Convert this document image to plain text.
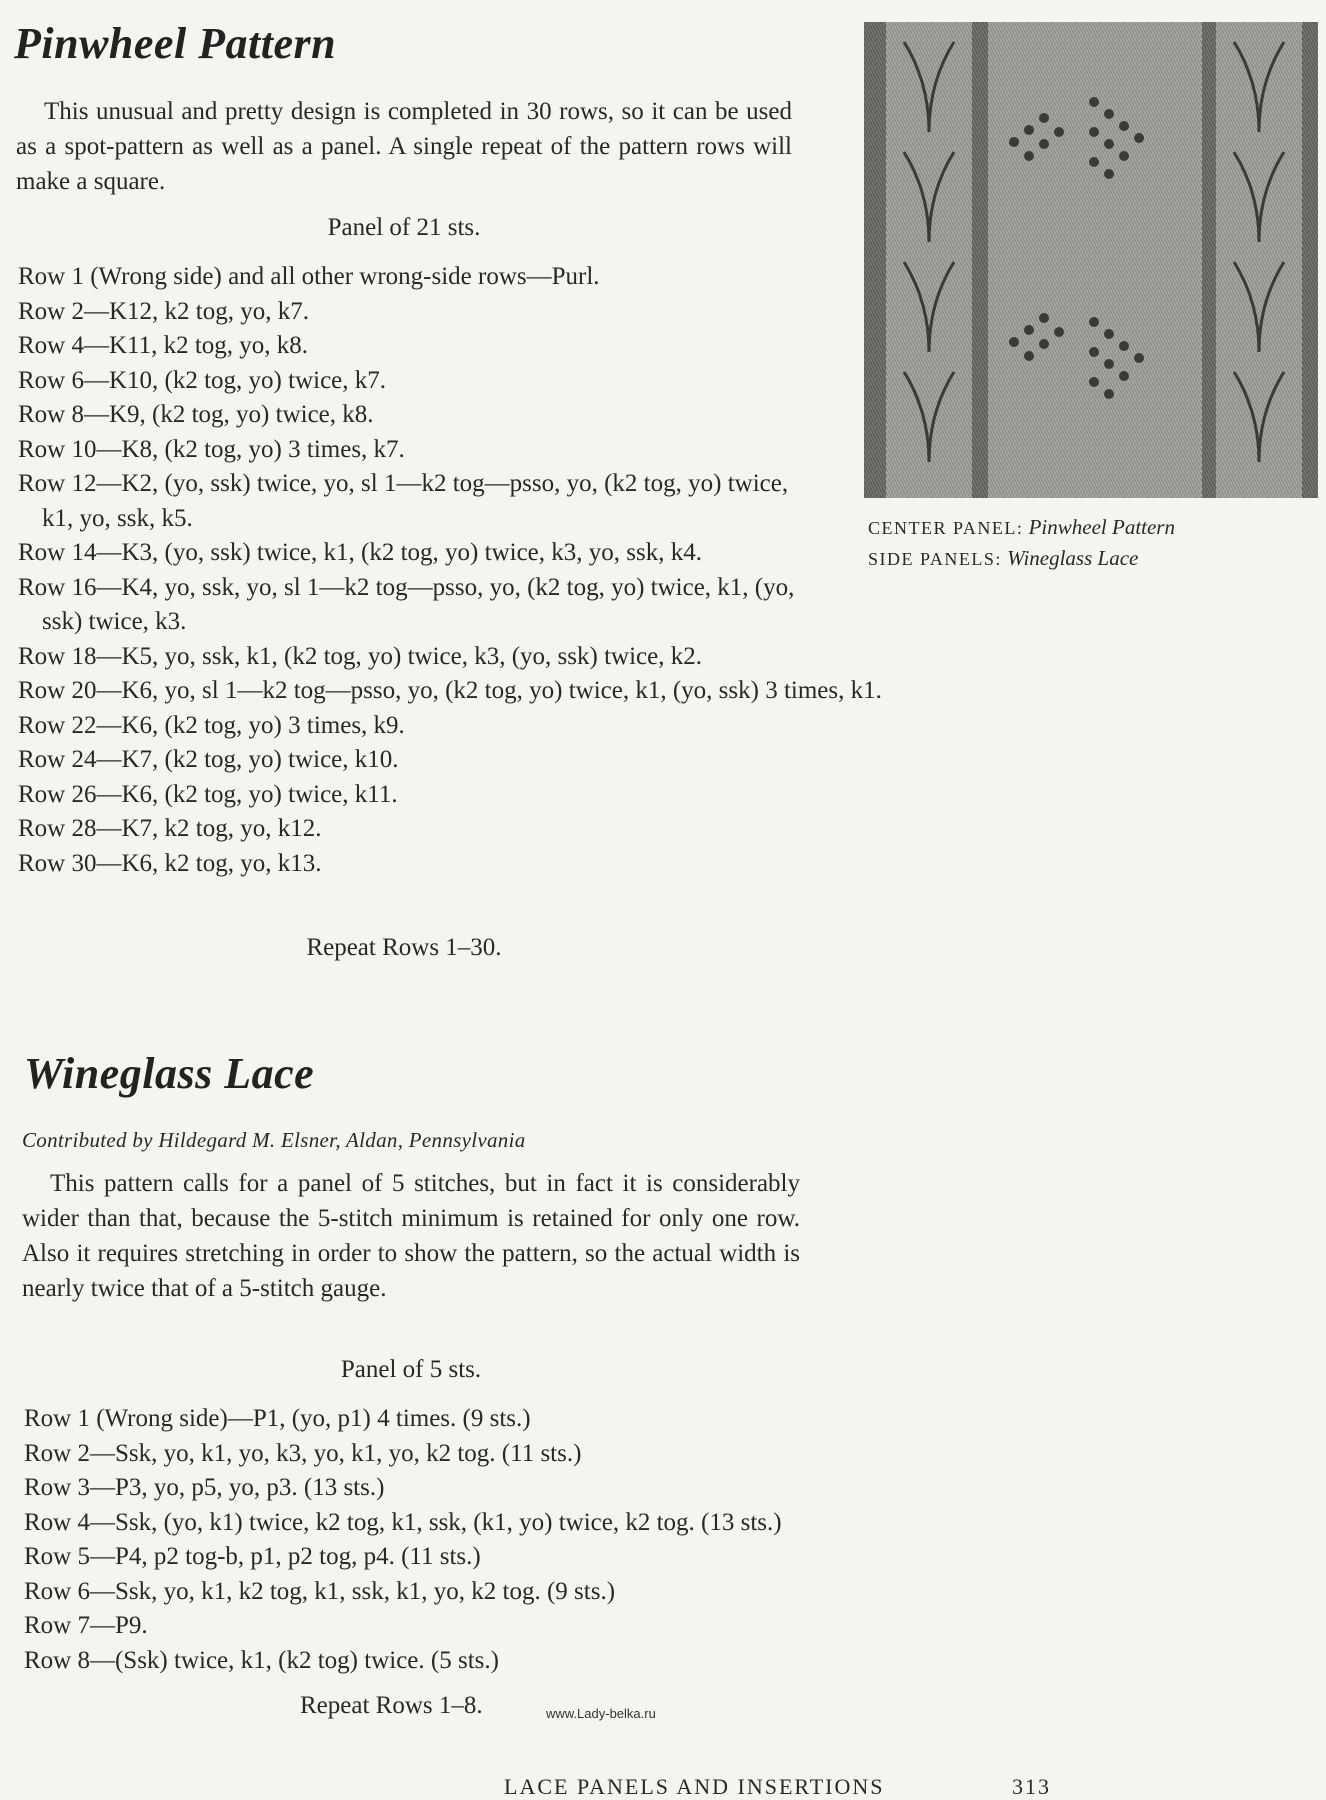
Pinwheel Pattern
This unusual and pretty design is completed in 30 rows, so it can be used as a spot-pattern as well as a panel. A single repeat of the pattern rows will make a square.
Panel of 21 sts.
Row 1 (Wrong side) and all other wrong-side rows—Purl.
Row 2—K12, k2 tog, yo, k7.
Row 4—K11, k2 tog, yo, k8.
Row 6—K10, (k2 tog, yo) twice, k7.
Row 8—K9, (k2 tog, yo) twice, k8.
Row 10—K8, (k2 tog, yo) 3 times, k7.
Row 12—K2, (yo, ssk) twice, yo, sl 1—k2 tog—psso, yo, (k2 tog, yo) twice, k1, yo, ssk, k5.
Row 14—K3, (yo, ssk) twice, k1, (k2 tog, yo) twice, k3, yo, ssk, k4.
Row 16—K4, yo, ssk, yo, sl 1—k2 tog—psso, yo, (k2 tog, yo) twice, k1, (yo, ssk) twice, k3.
Row 18—K5, yo, ssk, k1, (k2 tog, yo) twice, k3, (yo, ssk) twice, k2.
Row 20—K6, yo, sl 1—k2 tog—psso, yo, (k2 tog, yo) twice, k1, (yo, ssk) 3 times, k1.
Row 22—K6, (k2 tog, yo) 3 times, k9.
Row 24—K7, (k2 tog, yo) twice, k10.
Row 26—K6, (k2 tog, yo) twice, k11.
Row 28—K7, k2 tog, yo, k12.
Row 30—K6, k2 tog, yo, k13.
Repeat Rows 1–30.
CENTER PANEL: Pinwheel Pattern
SIDE PANELS: Wineglass Lace
Wineglass Lace
Contributed by Hildegard M. Elsner, Aldan, Pennsylvania
This pattern calls for a panel of 5 stitches, but in fact it is considerably wider than that, because the 5-stitch minimum is retained for only one row. Also it requires stretching in order to show the pattern, so the actual width is nearly twice that of a 5-stitch gauge.
Panel of 5 sts.
Row 1 (Wrong side)—P1, (yo, p1) 4 times. (9 sts.)
Row 2—Ssk, yo, k1, yo, k3, yo, k1, yo, k2 tog. (11 sts.)
Row 3—P3, yo, p5, yo, p3. (13 sts.)
Row 4—Ssk, (yo, k1) twice, k2 tog, k1, ssk, (k1, yo) twice, k2 tog. (13 sts.)
Row 5—P4, p2 tog-b, p1, p2 tog, p4. (11 sts.)
Row 6—Ssk, yo, k1, k2 tog, k1, ssk, k1, yo, k2 tog. (9 sts.)
Row 7—P9.
Row 8—(Ssk) twice, k1, (k2 tog) twice. (5 sts.)
Repeat Rows 1–8.	www.Lady-belka.ru
LACE PANELS AND INSERTIONS	313
